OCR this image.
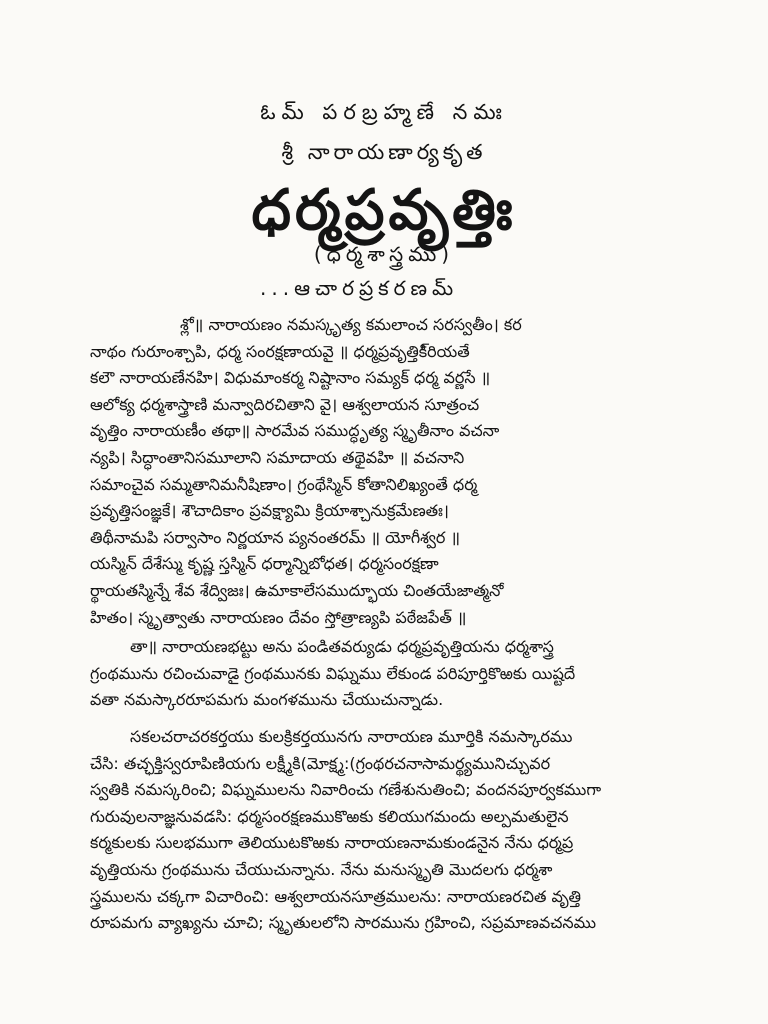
ఓమ్ పరబ్రహ్మణే నమః
శ్రీ నారాయణార్యకృత
ధర్మప్రవృత్తిః
(ధర్మశాస్త్రము)
...ఆచారప్రకరణమ్
శ్లో॥ నారాయణం నమస్కృత్య కమలాంచ సరస్వతీం। కర
నాథం గురూంశ్చాపి, ధర్మ సంరక్షణాయవై ॥ ధర్మప్రవృత్తికి్రియతే
కలౌ నారాయణేనహి। విధుమాంకర్మ నిష్టానాం సమ్యక్ ధర్మ వర్ణసే ॥
ఆలోక్య ధర్మశాస్త్రాణి మన్వాదిరచితాని వై। ఆశ్వలాయన సూత్రంచ
వృత్తిం నారాయణీం తథా॥ సారమేవ సముద్ధృత్య స్మృతీనాం వచనా
న్యపి। సిద్ధాంతానిసమూలాని సమాదాయ తథైవహి ॥ వచనాని
సమాంచైవ సమ్మతానిమనీషిణాం। గ్రంథేస్మిన్ కోతానిలిఖ్యంతే ధర్మ
ప్రవృత్తిసంజ్ఞకే। శౌచాదికాం ప్రవక్ష్యామి క్రియాశ్చానుక్రమేణతః।
తిథీనామపి సర్వాసాం నిర్ణయాన ప్యనంతరమ్ ॥ యోగీశ్వర ॥
యస్మిన్ దేశేస్ము కృష్ణ స్తస్మిన్ ధర్మాన్నిబోధత। ధర్మసంరక్షణా
ర్థాయతస్మిన్నే శేవ శేద్విజః। ఉమాకాలేసముద్భూయ చింతయేజాత్మనో
హితం। స్మృత్వాతు నారాయణం దేవం స్తోత్రాణ్యపి పఠేజపేత్ ॥
తా॥ నారాయణభట్టు అను పండితవర్యుడు ధర్మప్రవృత్తియను ధర్మశాస్త్ర
గ్రంథమును రచించువాడై గ్రంథమునకు విఘ్నము లేకుండ పరిపూర్తికొఱకు యిష్టదే
వతా నమస్కారరూపమగు మంగళమును చేయుచున్నాడు.
సకలచరాచరకర్తయు కులక్రికర్తయునగు నారాయణ మూర్తికి నమస్కారము
చేసి: తచ్ఛక్తిస్వరూపిణియగు లక్ష్మీకి(మోక్ష్మ:(గ్రంథరచనాసామర్థ్యమునిచ్చువర
స్వతికి నమస్కరించి; విఘ్నములను నివారించు గణేశునుతించి; వందనపూర్వకముగా
గురువులనాజ్ఞనువడసి: ధర్మసంరక్షణముకొఱకు కలియుగమందు అల్పమతులైన
కర్మకులకు సులభముగా తెలియుటకొఱకు నారాయణనామకుండనైన నేను ధర్మప్ర
వృత్తియను గ్రంథమును చేయుచున్నాను. నేను మనుస్మృతి మొదలగు ధర్మశా
స్త్రములను చక్కగా విచారించి: ఆశ్వలాయనసూత్రములను: నారాయణరచిత వృత్తి
రూపమగు వ్యాఖ్యను చూచి; స్మృతులలోని సారమును గ్రహించి, సప్రమాణవచనము
